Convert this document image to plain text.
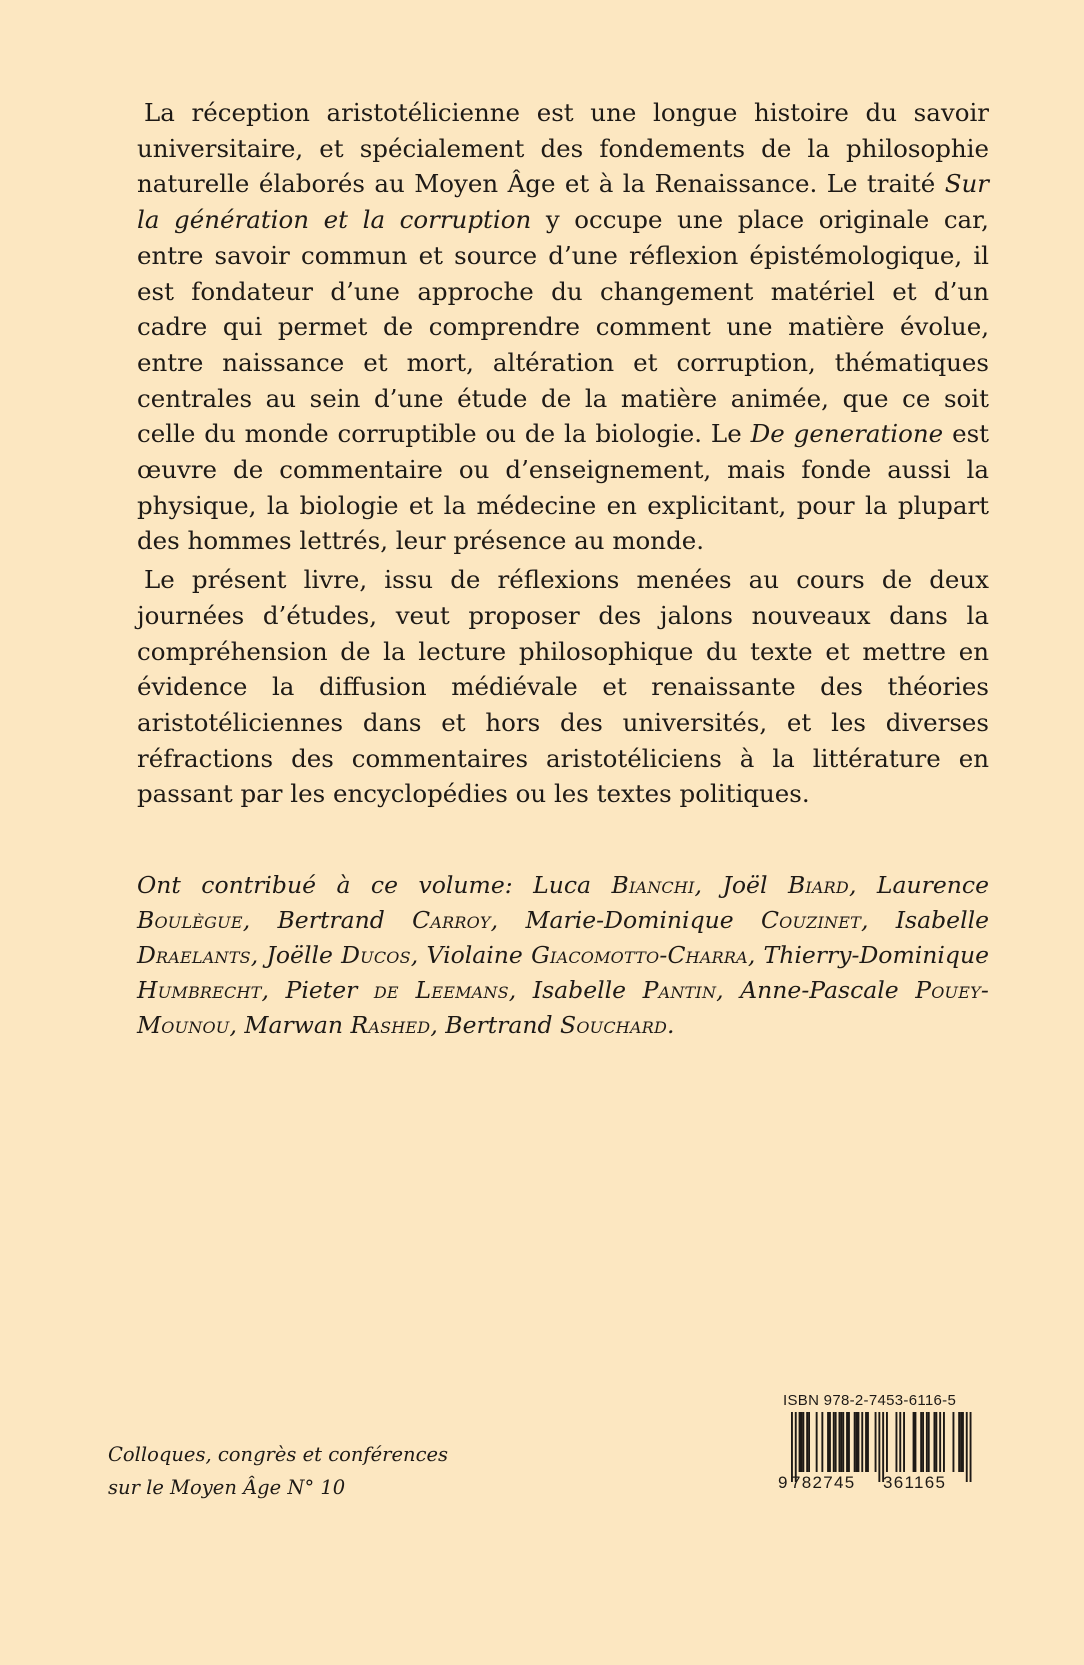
La réception aristotélicienne est une longue histoire du savoir universitaire, et spécialement des fondements de la philosophie naturelle élaborés au Moyen Âge et à la Renaissance. Le traité Sur la génération et la corruption y occupe une place originale car, entre savoir commun et source d’une réflexion épistémologique, il est fondateur d’une approche du changement matériel et d’un cadre qui permet de comprendre comment une matière évolue, entre naissance et mort, altération et corruption, thématiques centrales au sein d’une étude de la matière animée, que ce soit celle du monde corruptible ou de la biologie. Le De generatione est œuvre de commentaire ou d’enseignement, mais fonde aussi la physique, la biologie et la médecine en explicitant, pour la plupart des hommes lettrés, leur présence au monde.

Le présent livre, issu de réflexions menées au cours de deux journées d’études, veut proposer des jalons nouveaux dans la compréhension de la lecture philosophique du texte et mettre en évidence la diffusion médiévale et renaissante des théories aristotéliciennes dans et hors des universités, et les diverses réfractions des commentaires aristotéliciens à la littérature en passant par les encyclopédies ou les textes politiques.

Ont contribué à ce volume: Luca Bianchi, Joël Biard, Laurence Boulègue, Bertrand Carroy, Marie-Dominique Couzinet, Isabelle Draelants, Joëlle Ducos, Violaine Giacomotto-Charra, Thierry-Dominique Humbrecht, Pieter de Leemans, Isabelle Pantin, Anne-Pascale Pouey-Mounou, Marwan Rashed, Bertrand Souchard.

Colloques, congrès et conférences
sur le Moyen Âge N° 10
ISBN 978-2-7453-6116-5
9 782745	361165
